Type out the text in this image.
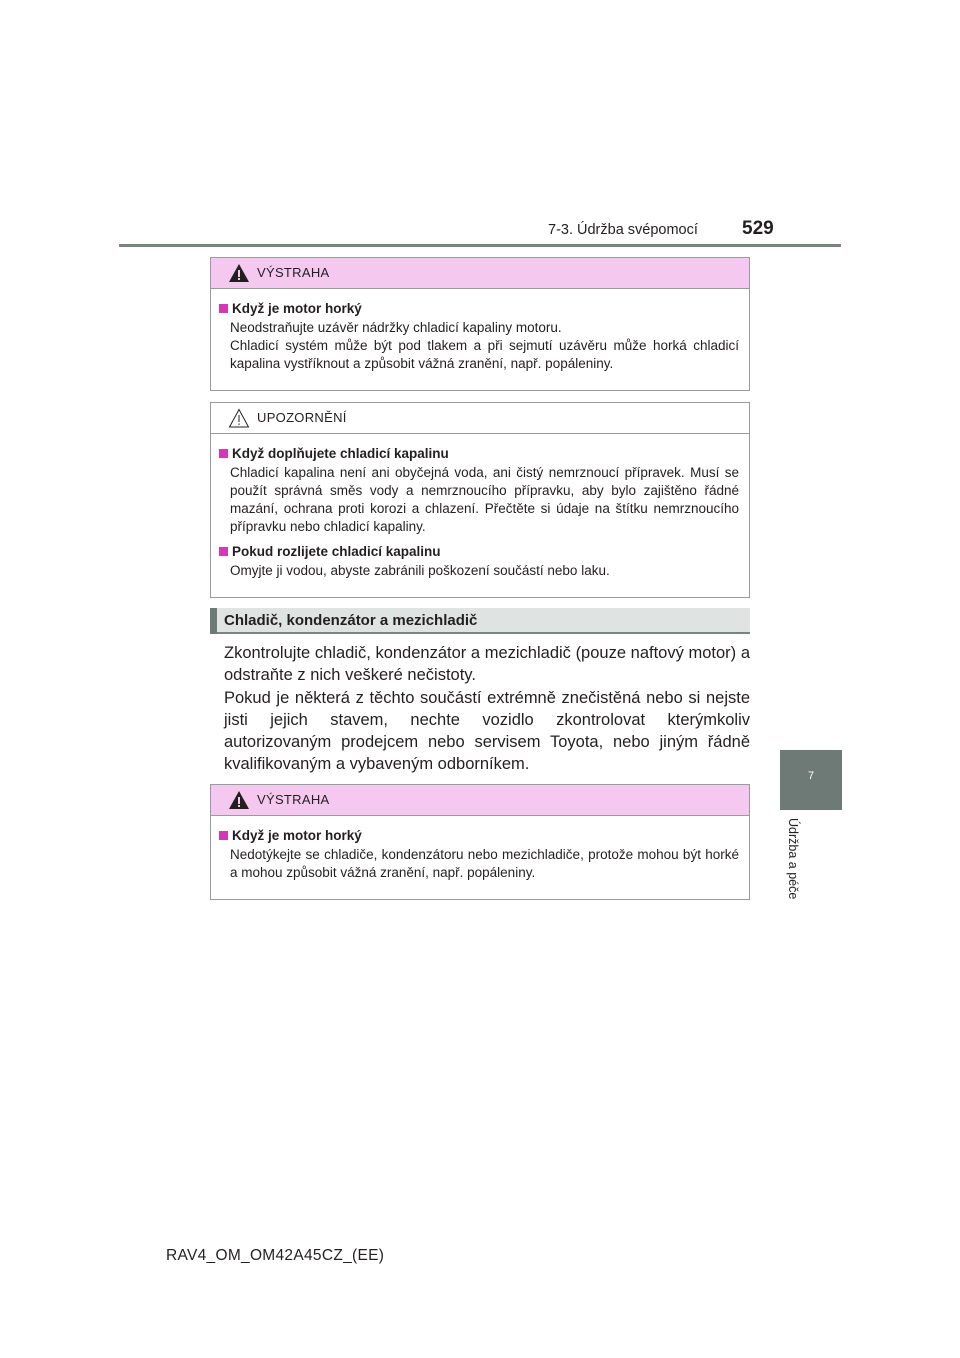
7-3. Údržba svépomocí 529
7
Údržba a péče
VÝSTRAHA
Když je motor horký

Neodstraňujte uzávěr nádržky chladicí kapaliny motoru.

Chladicí systém může být pod tlakem a při sejmutí uzávěru může horká chladicí kapalina vystříknout a způsobit vážná zranění, např. popáleniny.

UPOZORNĚNÍ
Když doplňujete chladicí kapalinu
Chladicí kapalina není ani obyčejná voda, ani čistý nemrznoucí přípravek. Musí se použít správná směs vody a nemrznoucího přípravku, aby bylo zajištěno řádné mazání, ochrana proti korozi a chlazení. Přečtěte si údaje na štítku nemrznoucího přípravku nebo chladicí kapaliny.
Pokud rozlijete chladicí kapalinu
Omyjte ji vodou, abyste zabránili poškození součástí nebo laku.
Chladič, kondenzátor a mezichladič

Zkontrolujte chladič, kondenzátor a mezichladič (pouze naftový motor) a odstraňte z nich veškeré nečistoty.

Pokud je některá z těchto součástí extrémně znečistěná nebo si nejste jisti jejich stavem, nechte vozidlo zkontrolovat kterýmkoliv autorizovaným prodejcem nebo servisem Toyota, nebo jiným řádně kvalifikovaným a vybaveným odborníkem.

VÝSTRAHA
Když je motor horký
Nedotýkejte se chladiče, kondenzátoru nebo mezichladiče, protože mohou být horké a mohou způsobit vážná zranění, např. popáleniny.
RAV4_OM_OM42A45CZ_(EE)
